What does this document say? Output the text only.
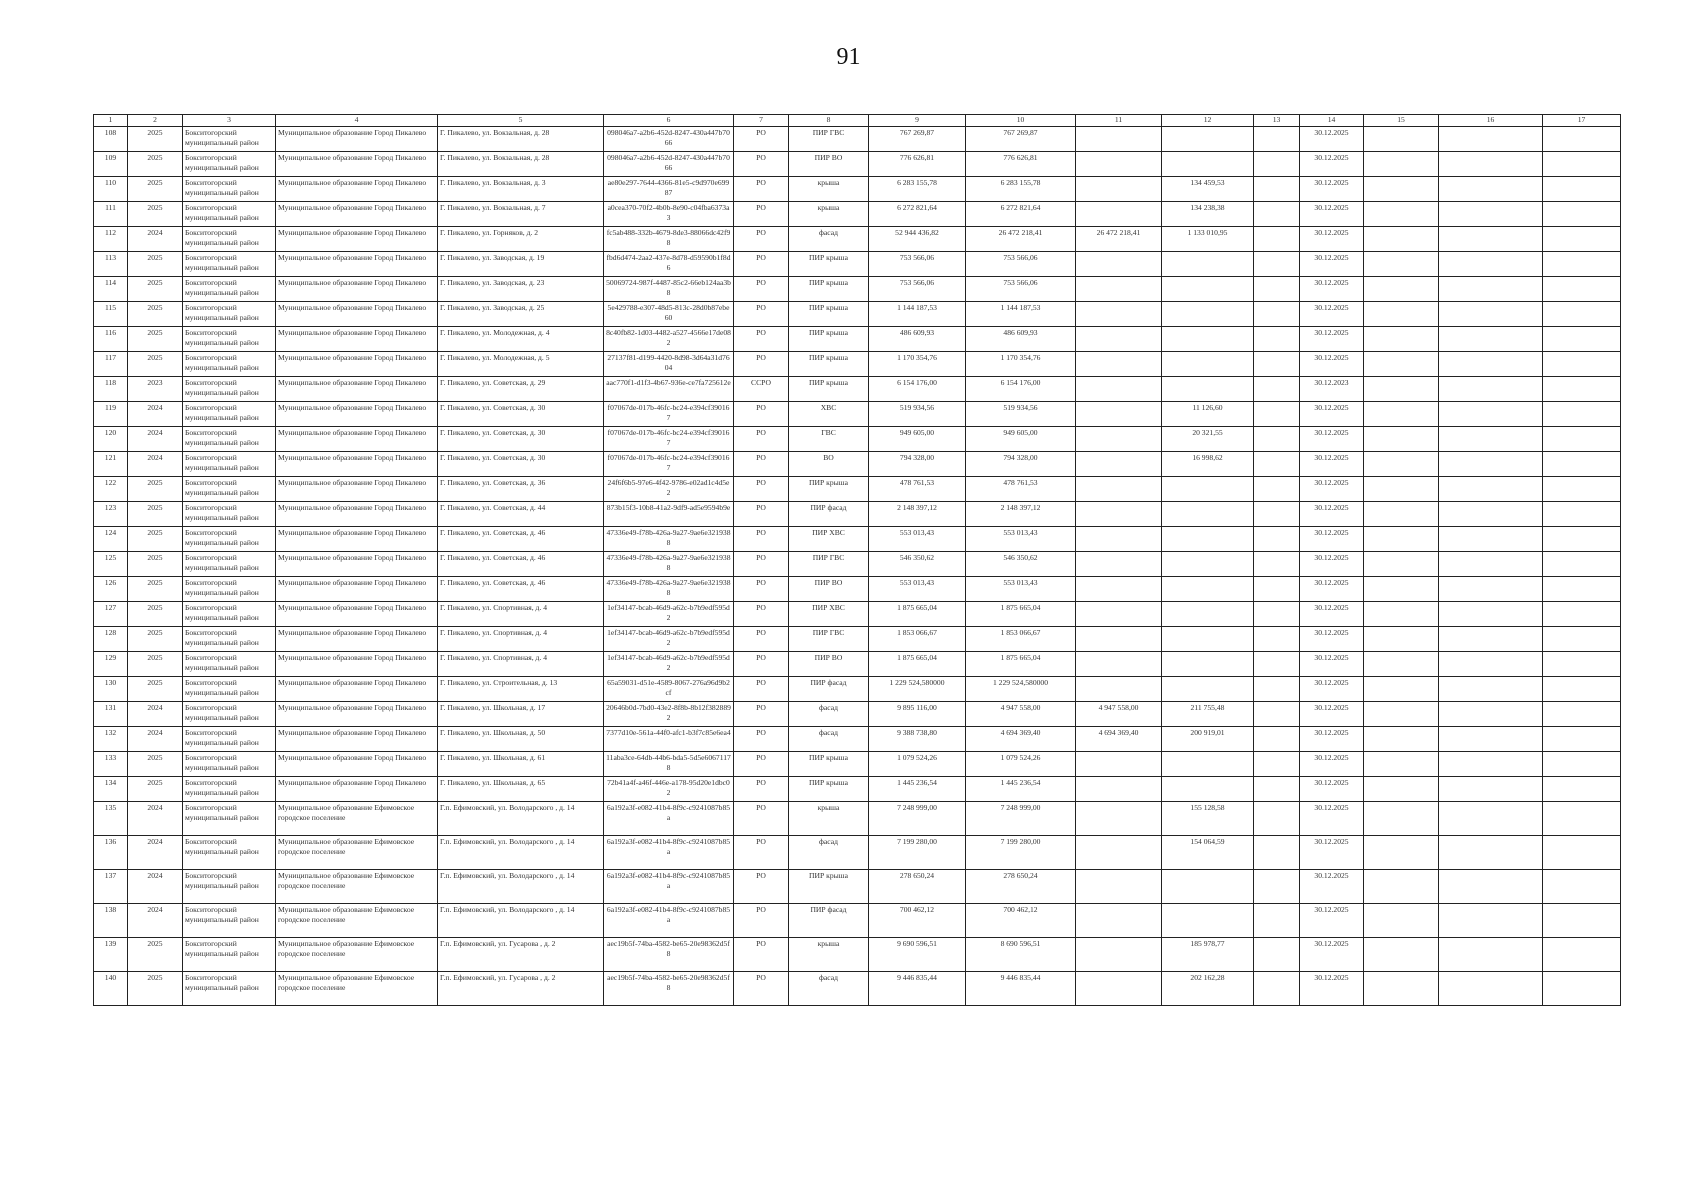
91
1	2	3	4	5	6	7	8	9	10	11	12	13	14	15	16	17
108	2025	Бокситогорский муниципальный район	Муниципальное образование Город Пикалево	Г. Пикалево, ул. Вокзальная, д. 28	098046a7-a2b6-452d-8247-430a447b7066	РО	ПИР ГВС	767 269,87	767 269,87				30.12.2025			
109	2025	Бокситогорский муниципальный район	Муниципальное образование Город Пикалево	Г. Пикалево, ул. Вокзальная, д. 28	098046a7-a2b6-452d-8247-430a447b7066	РО	ПИР ВО	776 626,81	776 626,81				30.12.2025			
110	2025	Бокситогорский муниципальный район	Муниципальное образование Город Пикалево	Г. Пикалево, ул. Вокзальная, д. 3	ae80e297-7644-4366-81e5-c9d970e69987	РО	крыша	6 283 155,78	6 283 155,78		134 459,53		30.12.2025			
111	2025	Бокситогорский муниципальный район	Муниципальное образование Город Пикалево	Г. Пикалево, ул. Вокзальная, д. 7	a0cea370-70f2-4b0b-8e90-c04fba6373a3	РО	крыша	6 272 821,64	6 272 821,64		134 238,38		30.12.2025			
112	2024	Бокситогорский муниципальный район	Муниципальное образование Город Пикалево	Г. Пикалево, ул. Горняков, д. 2	fc5ab488-332b-4679-8de3-88066dc42f98	РО	фасад	52 944 436,82	26 472 218,41	26 472 218,41	1 133 010,95		30.12.2025			
113	2025	Бокситогорский муниципальный район	Муниципальное образование Город Пикалево	Г. Пикалево, ул. Заводская, д. 19	fbd6d474-2aa2-437e-8d78-d59590b1f8d6	РО	ПИР крыша	753 566,06	753 566,06				30.12.2025			
114	2025	Бокситогорский муниципальный район	Муниципальное образование Город Пикалево	Г. Пикалево, ул. Заводская, д. 23	50069724-987f-4487-85c2-66eb124aa3b8	РО	ПИР крыша	753 566,06	753 566,06				30.12.2025			
115	2025	Бокситогорский муниципальный район	Муниципальное образование Город Пикалево	Г. Пикалево, ул. Заводская, д. 25	5e429788-e307-48d5-813c-28d0b87ebe60	РО	ПИР крыша	1 144 187,53	1 144 187,53				30.12.2025			
116	2025	Бокситогорский муниципальный район	Муниципальное образование Город Пикалево	Г. Пикалево, ул. Молодежная, д. 4	8c40fb82-1d03-4482-a527-4566e17de082	РО	ПИР крыша	486 609,93	486 609,93				30.12.2025			
117	2025	Бокситогорский муниципальный район	Муниципальное образование Город Пикалево	Г. Пикалево, ул. Молодежная, д. 5	27137f81-d199-4420-8d98-3d64a31d7604	РО	ПИР крыша	1 170 354,76	1 170 354,76				30.12.2025			
118	2023	Бокситогорский муниципальный район	Муниципальное образование Город Пикалево	Г. Пикалево, ул. Советская, д. 29	aac770f1-d1f3-4b67-936e-ce7fa725612e	ССРО	ПИР крыша	6 154 176,00	6 154 176,00				30.12.2023			
119	2024	Бокситогорский муниципальный район	Муниципальное образование Город Пикалево	Г. Пикалево, ул. Советская, д. 30	f07067de-017b-46fc-bc24-e394cf390167	РО	ХВС	519 934,56	519 934,56		11 126,60		30.12.2025			
120	2024	Бокситогорский муниципальный район	Муниципальное образование Город Пикалево	Г. Пикалево, ул. Советская, д. 30	f07067de-017b-46fc-bc24-e394cf390167	РО	ГВС	949 605,00	949 605,00		20 321,55		30.12.2025			
121	2024	Бокситогорский муниципальный район	Муниципальное образование Город Пикалево	Г. Пикалево, ул. Советская, д. 30	f07067de-017b-46fc-bc24-e394cf390167	РО	ВО	794 328,00	794 328,00		16 998,62		30.12.2025			
122	2025	Бокситогорский муниципальный район	Муниципальное образование Город Пикалево	Г. Пикалево, ул. Советская, д. 36	24f6f6b5-97e6-4f42-9786-e02ad1c4d5e2	РО	ПИР крыша	478 761,53	478 761,53				30.12.2025			
123	2025	Бокситогорский муниципальный район	Муниципальное образование Город Пикалево	Г. Пикалево, ул. Советская, д. 44	873b15f3-10b8-41a2-9df9-ad5e9594b9e	РО	ПИР фасад	2 148 397,12	2 148 397,12				30.12.2025			
124	2025	Бокситогорский муниципальный район	Муниципальное образование Город Пикалево	Г. Пикалево, ул. Советская, д. 46	47336e49-f78b-426a-9a27-9ae6e3219388	РО	ПИР ХВС	553 013,43	553 013,43				30.12.2025			
125	2025	Бокситогорский муниципальный район	Муниципальное образование Город Пикалево	Г. Пикалево, ул. Советская, д. 46	47336e49-f78b-426a-9a27-9ae6e3219388	РО	ПИР ГВС	546 350,62	546 350,62				30.12.2025			
126	2025	Бокситогорский муниципальный район	Муниципальное образование Город Пикалево	Г. Пикалево, ул. Советская, д. 46	47336e49-f78b-426a-9a27-9ae6e3219388	РО	ПИР ВО	553 013,43	553 013,43				30.12.2025			
127	2025	Бокситогорский муниципальный район	Муниципальное образование Город Пикалево	Г. Пикалево, ул. Спортивная, д. 4	1ef34147-bcab-46d9-a62c-b7b9edf595d2	РО	ПИР ХВС	1 875 665,04	1 875 665,04				30.12.2025			
128	2025	Бокситогорский муниципальный район	Муниципальное образование Город Пикалево	Г. Пикалево, ул. Спортивная, д. 4	1ef34147-bcab-46d9-a62c-b7b9edf595d2	РО	ПИР ГВС	1 853 066,67	1 853 066,67				30.12.2025			
129	2025	Бокситогорский муниципальный район	Муниципальное образование Город Пикалево	Г. Пикалево, ул. Спортивная, д. 4	1ef34147-bcab-46d9-a62c-b7b9edf595d2	РО	ПИР ВО	1 875 665,04	1 875 665,04				30.12.2025			
130	2025	Бокситогорский муниципальный район	Муниципальное образование Город Пикалево	Г. Пикалево, ул. Строительная, д. 13	65a59031-d51e-4589-8067-276a96d9b2cf	РО	ПИР фасад	1 229 524,580000	1 229 524,580000				30.12.2025			
131	2024	Бокситогорский муниципальный район	Муниципальное образование Город Пикалево	Г. Пикалево, ул. Школьная, д. 17	20646b0d-7bd0-43e2-8f8b-8b12f3828892	РО	фасад	9 895 116,00	4 947 558,00	4 947 558,00	211 755,48		30.12.2025			
132	2024	Бокситогорский муниципальный район	Муниципальное образование Город Пикалево	Г. Пикалево, ул. Школьная, д. 50	7377d10e-561a-44f0-afc1-b3f7c85e6ea4	РО	фасад	9 388 738,80	4 694 369,40	4 694 369,40	200 919,01		30.12.2025			
133	2025	Бокситогорский муниципальный район	Муниципальное образование Город Пикалево	Г. Пикалево, ул. Школьная, д. 61	11aba3ce-64db-44b6-bda5-5d5e60671178	РО	ПИР крыша	1 079 524,26	1 079 524,26				30.12.2025			
134	2025	Бокситогорский муниципальный район	Муниципальное образование Город Пикалево	Г. Пикалево, ул. Школьная, д. 65	72b41a4f-a46f-446e-a178-95d20e1dbc02	РО	ПИР крыша	1 445 236,54	1 445 236,54				30.12.2025			
135	2024	Бокситогорский муниципальный район	Муниципальное образование Ефимовское городское поселение	Г.п. Ефимовский, ул. Володарского , д. 14	6a192a3f-e082-41b4-8f9c-c9241087b85a	РО	крыша	7 248 999,00	7 248 999,00		155 128,58		30.12.2025			
136	2024	Бокситогорский муниципальный район	Муниципальное образование Ефимовское городское поселение	Г.п. Ефимовский, ул. Володарского , д. 14	6a192a3f-e082-41b4-8f9c-c9241087b85a	РО	фасад	7 199 280,00	7 199 280,00		154 064,59		30.12.2025			
137	2024	Бокситогорский муниципальный район	Муниципальное образование Ефимовское городское поселение	Г.п. Ефимовский, ул. Володарского , д. 14	6a192a3f-e082-41b4-8f9c-c9241087b85a	РО	ПИР крыша	278 650,24	278 650,24				30.12.2025			
138	2024	Бокситогорский муниципальный район	Муниципальное образование Ефимовское городское поселение	Г.п. Ефимовский, ул. Володарского , д. 14	6a192a3f-e082-41b4-8f9c-c9241087b85a	РО	ПИР фасад	700 462,12	700 462,12				30.12.2025			
139	2025	Бокситогорский муниципальный район	Муниципальное образование Ефимовское городское поселение	Г.п. Ефимовский, ул. Гусарова , д. 2	aec19b5f-74ba-4582-be65-20e98362d5f8	РО	крыша	9 690 596,51	8 690 596,51		185 978,77		30.12.2025			
140	2025	Бокситогорский муниципальный район	Муниципальное образование Ефимовское городское поселение	Г.п. Ефимовский, ул. Гусарова , д. 2	aec19b5f-74ba-4582-be65-20e98362d5f8	РО	фасад	9 446 835,44	9 446 835,44		202 162,28		30.12.2025			
